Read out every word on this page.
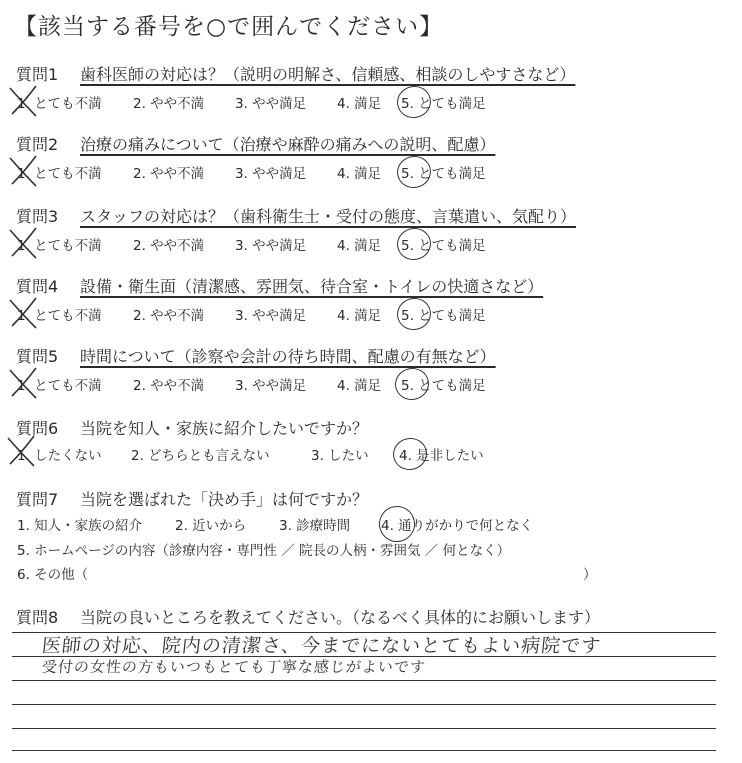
【該当する番号を○で囲んでください】
質問1 歯科医師の対応は？（説明の明解さ、信頼感、相談のしやすさなど）
1. とても不満 2. やや不満 3. やや満足 4. 満足 5. とても満足
質問2 治療の痛みについて（治療や麻酔の痛みへの説明、配慮）
1. とても不満 2. やや不満 3. やや満足 4. 満足 5. とても満足
質問3 スタッフの対応は？（歯科衛生士・受付の態度、言葉遣い、気配り）
1. とても不満 2. やや不満 3. やや満足 4. 満足 5. とても満足
質問4 設備・衛生面（清潔感、雰囲気、待合室・トイレの快適さなど）
1. とても不満 2. やや不満 3. やや満足 4. 満足 5. とても満足
質問5 時間について（診察や会計の待ち時間、配慮の有無など）
1. とても不満 2. やや不満 3. やや満足 4. 満足 5. とても満足
質問6 当院を知人・家族に紹介したいですか？
1. したくない 2. どちらとも言えない	3. したい 4. 是非したい
質問7 当院を選ばれた「決め手」は何ですか？
1. 知人・家族の紹介 2. 近いから 3. 診療時間 4. 通りがかりで何となく
5. ホームページの内容（診療内容・専門性 ／ 院長の人柄・雰囲気 ／ 何となく）
6. その他（	）
質問8 当院の良いところを教えてください。（なるべく具体的にお願いします）
医師の対応、院内の清潔さ、今までにないとてもよい病院です
受付の女性の方もいつもとても丁寧な感じがよいです
